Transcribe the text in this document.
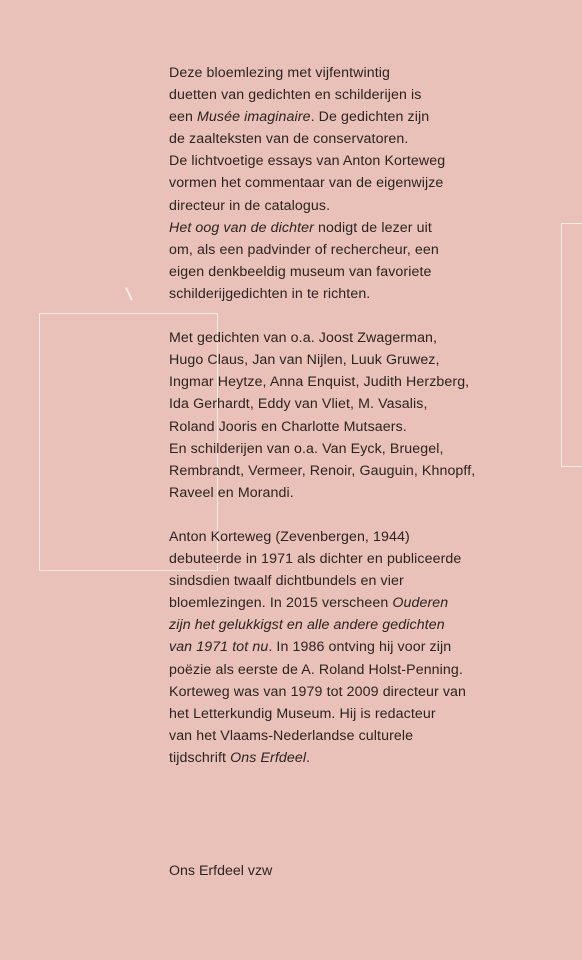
Deze bloemlezing met vijfentwintig
duetten van gedichten en schilderijen is
een Musée imaginaire. De gedichten zijn
de zaalteksten van de conservatoren.
De lichtvoetige essays van Anton Korteweg
vormen het commentaar van de eigenwijze
directeur in de catalogus.
Het oog van de dichter nodigt de lezer uit
om, als een padvinder of rechercheur, een
eigen denkbeeldig museum van favoriete
schilderijgedichten in te richten.
Met gedichten van o.a. Joost Zwagerman,
Hugo Claus, Jan van Nijlen, Luuk Gruwez,
Ingmar Heytze, Anna Enquist, Judith Herzberg,
Ida Gerhardt, Eddy van Vliet, M. Vasalis,
Roland Jooris en Charlotte Mutsaers.
En schilderijen van o.a. Van Eyck, Bruegel,
Rembrandt, Vermeer, Renoir, Gauguin, Khnopff,
Raveel en Morandi.
Anton Korteweg (Zevenbergen, 1944)
debuteerde in 1971 als dichter en publiceerde
sindsdien twaalf dichtbundels en vier
bloemlezingen. In 2015 verscheen Ouderen
zijn het gelukkigst en alle andere gedichten
van 1971 tot nu. In 1986 ontving hij voor zijn
poëzie als eerste de A. Roland Holst-Penning.
Korteweg was van 1979 tot 2009 directeur van
het Letterkundig Museum. Hij is redacteur
van het Vlaams-Nederlandse culturele
tijdschrift Ons Erfdeel.
Ons Erfdeel vzw
